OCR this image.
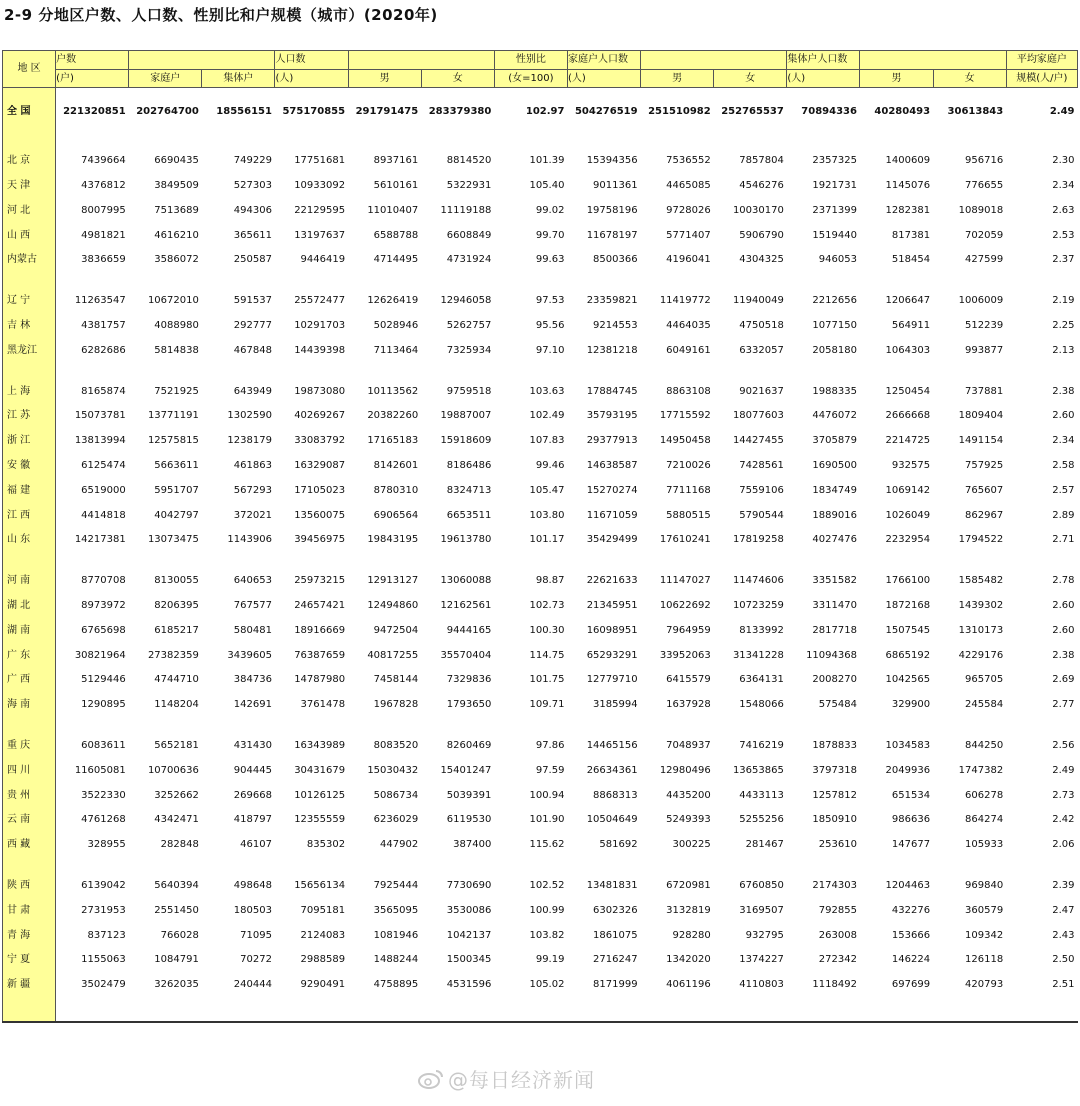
2-9 分地区户数、人口数、性别比和户规模（城市）(2020年)
地 区	户数			人口数			性别比	家庭户人口数			集体户人口数			平均家庭户
	(户)	家庭户	集体户	(人)	男	女	(女=100)	(人)	男	女	(人)	男	女	规模(人/户)

全 国	221320851	202764700	18556151	575170855	291791475	283379380	102.97	504276519	251510982	252765537	70894336	40280493	30613843	2.49

北 京	7439664	6690435	749229	17751681	8937161	8814520	101.39	15394356	7536552	7857804	2357325	1400609	956716	2.30
天 津	4376812	3849509	527303	10933092	5610161	5322931	105.40	9011361	4465085	4546276	1921731	1145076	776655	2.34
河 北	8007995	7513689	494306	22129595	11010407	11119188	99.02	19758196	9728026	10030170	2371399	1282381	1089018	2.63
山 西	4981821	4616210	365611	13197637	6588788	6608849	99.70	11678197	5771407	5906790	1519440	817381	702059	2.53
内蒙古	3836659	3586072	250587	9446419	4714495	4731924	99.63	8500366	4196041	4304325	946053	518454	427599	2.37

辽 宁	11263547	10672010	591537	25572477	12626419	12946058	97.53	23359821	11419772	11940049	2212656	1206647	1006009	2.19
吉 林	4381757	4088980	292777	10291703	5028946	5262757	95.56	9214553	4464035	4750518	1077150	564911	512239	2.25
黑龙江	6282686	5814838	467848	14439398	7113464	7325934	97.10	12381218	6049161	6332057	2058180	1064303	993877	2.13

上 海	8165874	7521925	643949	19873080	10113562	9759518	103.63	17884745	8863108	9021637	1988335	1250454	737881	2.38
江 苏	15073781	13771191	1302590	40269267	20382260	19887007	102.49	35793195	17715592	18077603	4476072	2666668	1809404	2.60
浙 江	13813994	12575815	1238179	33083792	17165183	15918609	107.83	29377913	14950458	14427455	3705879	2214725	1491154	2.34
安 徽	6125474	5663611	461863	16329087	8142601	8186486	99.46	14638587	7210026	7428561	1690500	932575	757925	2.58
福 建	6519000	5951707	567293	17105023	8780310	8324713	105.47	15270274	7711168	7559106	1834749	1069142	765607	2.57
江 西	4414818	4042797	372021	13560075	6906564	6653511	103.80	11671059	5880515	5790544	1889016	1026049	862967	2.89
山 东	14217381	13073475	1143906	39456975	19843195	19613780	101.17	35429499	17610241	17819258	4027476	2232954	1794522	2.71

河 南	8770708	8130055	640653	25973215	12913127	13060088	98.87	22621633	11147027	11474606	3351582	1766100	1585482	2.78
湖 北	8973972	8206395	767577	24657421	12494860	12162561	102.73	21345951	10622692	10723259	3311470	1872168	1439302	2.60
湖 南	6765698	6185217	580481	18916669	9472504	9444165	100.30	16098951	7964959	8133992	2817718	1507545	1310173	2.60
广 东	30821964	27382359	3439605	76387659	40817255	35570404	114.75	65293291	33952063	31341228	11094368	6865192	4229176	2.38
广 西	5129446	4744710	384736	14787980	7458144	7329836	101.75	12779710	6415579	6364131	2008270	1042565	965705	2.69
海 南	1290895	1148204	142691	3761478	1967828	1793650	109.71	3185994	1637928	1548066	575484	329900	245584	2.77

重 庆	6083611	5652181	431430	16343989	8083520	8260469	97.86	14465156	7048937	7416219	1878833	1034583	844250	2.56
四 川	11605081	10700636	904445	30431679	15030432	15401247	97.59	26634361	12980496	13653865	3797318	2049936	1747382	2.49
贵 州	3522330	3252662	269668	10126125	5086734	5039391	100.94	8868313	4435200	4433113	1257812	651534	606278	2.73
云 南	4761268	4342471	418797	12355559	6236029	6119530	101.90	10504649	5249393	5255256	1850910	986636	864274	2.42
西 藏	328955	282848	46107	835302	447902	387400	115.62	581692	300225	281467	253610	147677	105933	2.06

陕 西	6139042	5640394	498648	15656134	7925444	7730690	102.52	13481831	6720981	6760850	2174303	1204463	969840	2.39
甘 肃	2731953	2551450	180503	7095181	3565095	3530086	100.99	6302326	3132819	3169507	792855	432276	360579	2.47
青 海	837123	766028	71095	2124083	1081946	1042137	103.82	1861075	928280	932795	263008	153666	109342	2.43
宁 夏	1155063	1084791	70272	2988589	1488244	1500345	99.19	2716247	1342020	1374227	272342	146224	126118	2.50
新 疆	3502479	3262035	240444	9290491	4758895	4531596	105.02	8171999	4061196	4110803	1118492	697699	420793	2.51

@每日经济新闻
